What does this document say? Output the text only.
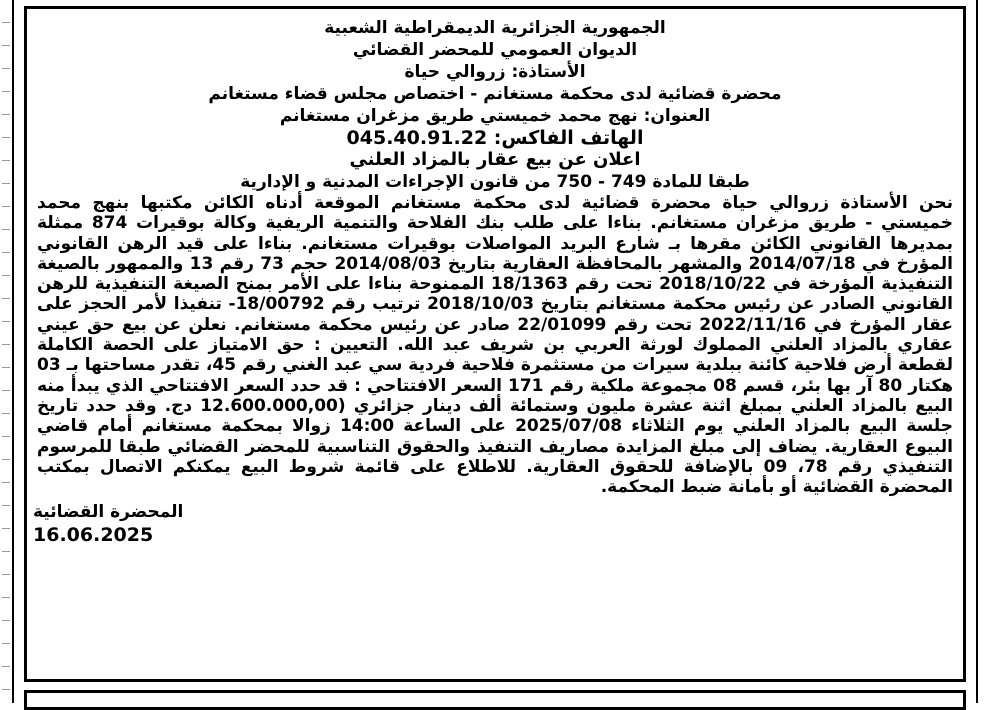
الجمهورية الجزائرية الديمقراطية الشعبية
الديوان العمومي للمحضر القضائي
الأستاذة: زروالي حياة
محضرة قضائية لدى محكمة مستغانم - اختصاص مجلس قضاء مستغانم
العنوان: نهج محمد خميستي طريق مزغران مستغانم
الهاتف الفاكس: 045.40.91.22
اعلان عن بيع عقار بالمزاد العلني
طبقا للمادة 749 - 750 من قانون الإجراءات المدنية و الإدارية
نحن الأستاذة زروالي حياة محضرة قضائية لدى محكمة مستغانم الموقعة أدناه الكائن مكتبها بنهج محمد خميستي - طريق مزغران مستغانم. بناءا على طلب بنك الفلاحة والتنمية الريفية وكالة بوقيرات 874 ممثلة بمديرها القانوني الكائن مقرها بـ شارع البريد المواصلات بوقيرات مستغانم. بناءا على قيد الرهن القانوني المؤرخ في 2014/07/18 والمشهر بالمحافظة العقارية بتاريخ 2014/08/03 حجم 73 رقم 13 والممهور بالصيغة التنفيذية المؤرخة في 2018/10/22 تحت رقم 18/1363 الممنوحة بناءا على الأمر بمنح الصيغة التنفيذية للرهن القانوني الصادر عن رئيس محكمة مستغانم بتاريخ 2018/10/03 ترتيب رقم 18/00792- تنفيذا لأمر الحجز على عقار المؤرخ في 2022/11/16 تحت رقم 22/01099 صادر عن رئيس محكمة مستغانم. نعلن عن بيع حق عيني عقاري بالمزاد العلني المملوك لورثة العربي بن شريف عبد الله. التعيين : حق الامتياز على الحصة الكاملة لقطعة أرض فلاحية كائنة ببلدية سيرات من مستثمرة فلاحية فردية سي عبد الغني رقم 45، تقدر مساحتها بـ 03 هكتار 80 آر بها بئر، قسم 08 مجموعة ملكية رقم 171 السعر الافتتاحي : قد حدد السعر الافتتاحي الذي يبدأ منه البيع بالمزاد العلني بمبلغ اثنة عشرة مليون وستمائة ألف دينار جزائري (12.600.000,00 دج. وقد حدد تاريخ جلسة البيع بالمزاد العلني يوم الثلاثاء 2025/07/08 على الساعة 14:00 زوالا بمحكمة مستغانم أمام قاضي البيوع العقارية. يضاف إلى مبلغ المزايدة مصاريف التنفيذ والحقوق التناسبية للمحضر القضائي طبقا للمرسوم التنفيذي رقم 78، 09 بالإضافة للحقوق العقارية. للاطلاع على قائمة شروط البيع يمكنكم الاتصال بمكتب المحضرة القضائية أو بأمانة ضبط المحكمة.
المحضرة القضائية
16.06.2025
